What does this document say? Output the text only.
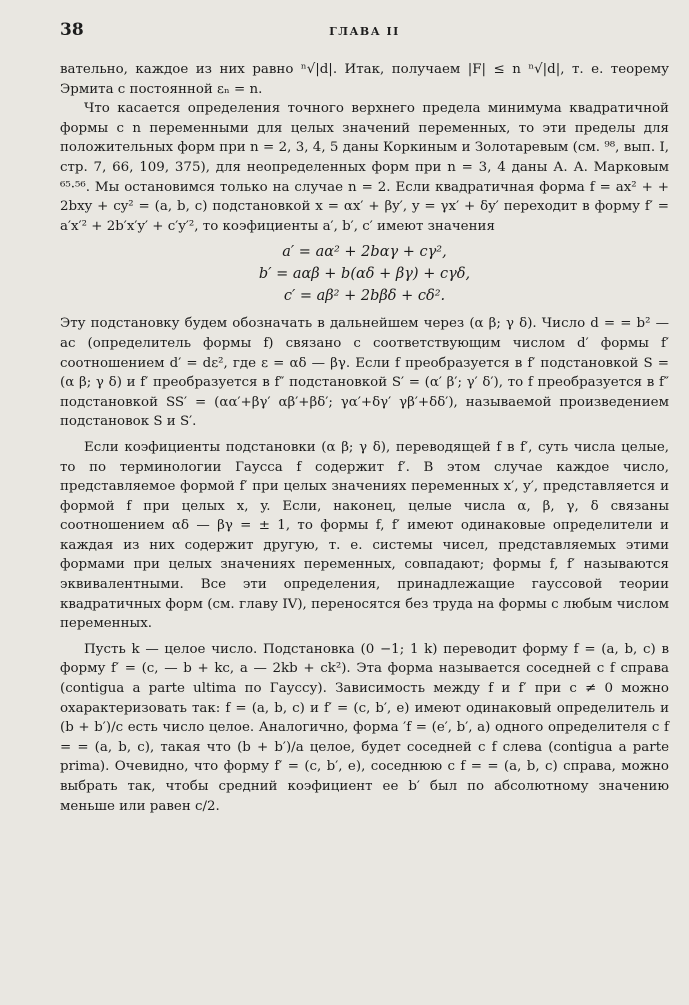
38	ГЛАВА II

вательно, каждое из них равно ⁿ√|d|. Итак, получаем |F| ≤ n ⁿ√|d|, т. е. теорему Эрмита с постоянной εₙ = n.

Что касается определения точного верхнего предела минимума квадратичной формы с n переменными для целых значений переменных, то эти пределы для положительных форм при n = 2, 3, 4, 5 даны Коркиным и Золотаревым (см. ⁹⁸, вып. I, стр. 7, 66, 109, 375), для неопределенных форм при n = 3, 4 даны А. А. Марковым ⁶⁵·⁵⁶. Мы остановимся только на случае n = 2. Если квадратичная форма f = ax² + + 2bxy + cy² = (a, b, c) подстановкой x = αx′ + βy′, y = γx′ + δy′ переходит в форму f′ = a′x′² + 2b′x′y′ + c′y′², то коэфициенты a′, b′, c′ имеют значения

a′ = aα² + 2bαγ + cγ²,
b′ = aαβ + b(αδ + βγ) + cγδ,
c′ = aβ² + 2bβδ + cδ².

Эту подстановку будем обозначать в дальнейшем через (α β; γ δ). Число d = = b² — ac (определитель формы f) связано с соответствующим числом d′ формы f′ соотношением d′ = dε², где ε = αδ — βγ. Если f преобразуется в f′ подстановкой S = (α β; γ δ) и f′ преобразуется в f″ подстановкой S′ = (α′ β′; γ′ δ′), то f преобразуется в f″ подстановкой SS′ = (αα′+βγ′ αβ′+βδ′; γα′+δγ′ γβ′+δδ′), называемой произведением подстановок S и S′.

Если коэфициенты подстановки (α β; γ δ), переводящей f в f′, суть числа целые, то по терминологии Гаусса f содержит f′. В этом случае каждое число, представляемое формой f′ при целых значениях переменных x′, y′, представляется и формой f при целых x, y. Если, наконец, целые числа α, β, γ, δ связаны соотношением αδ — βγ = ± 1, то формы f, f′ имеют одинаковые определители и каждая из них содержит другую, т. е. системы чисел, представляемых этими формами при целых значениях переменных, совпадают; формы f, f′ называются эквивалентными. Все эти определения, принадлежащие гауссовой теории квадратичных форм (см. главу IV), переносятся без труда на формы с любым числом переменных.

Пусть k — целое число. Подстановка (0 −1; 1 k) переводит форму f = (a, b, c) в форму f′ = (c, — b + kc, a — 2kb + ck²). Эта форма называется соседней с f справа (contigua a parte ultima по Гауссу). Зависимость между f и f′ при c ≠ 0 можно охарактеризовать так: f = (a, b, c) и f′ = (c, b′, e) имеют одинаковый определитель и (b + b′)/c есть число целое. Аналогично, форма ′f = (e′, b′, a) одного определителя с f = = (a, b, c), такая что (b + b′)/a целое, будет соседней с f слева (contigua a parte prima). Очевидно, что форму f′ = (c, b′, e), соседнюю с f = = (a, b, c) справа, можно выбрать так, чтобы средний коэфициент ее b′ был по абсолютному значению меньше или равен c/2.
